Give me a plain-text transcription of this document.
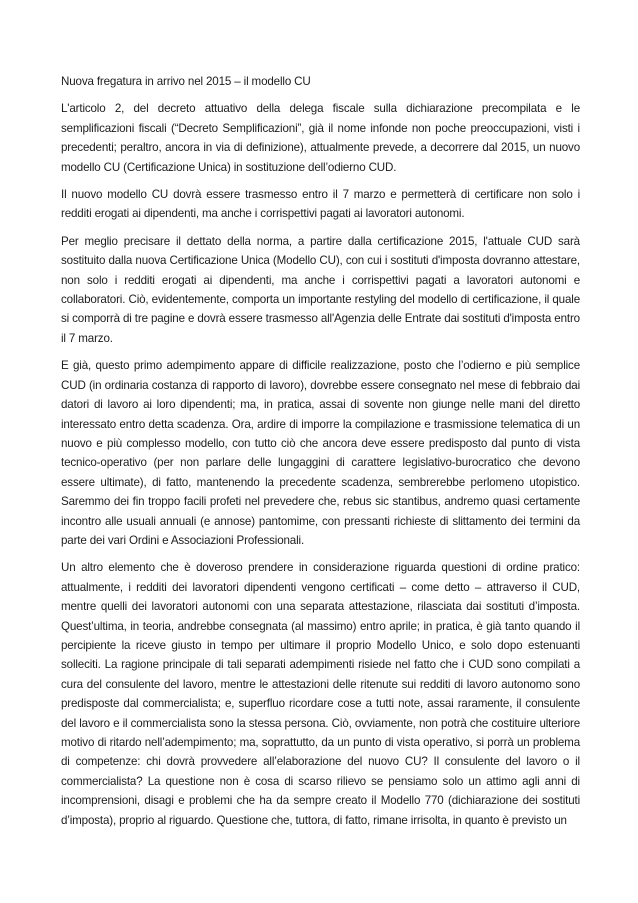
Nuova fregatura in arrivo nel 2015 – il modello CU

L'articolo 2, del decreto attuativo della delega fiscale sulla dichiarazione precompilata e le semplificazioni fiscali (“Decreto Semplificazioni”, già il nome infonde non poche preoccupazioni, visti i precedenti; peraltro, ancora in via di definizione), attualmente prevede, a decorrere dal 2015, un nuovo modello CU (Certificazione Unica) in sostituzione dell’odierno CUD.

Il nuovo modello CU dovrà essere trasmesso entro il 7 marzo e permetterà di certificare non solo i redditi erogati ai dipendenti, ma anche i corrispettivi pagati ai lavoratori autonomi.

Per meglio precisare il dettato della norma, a partire dalla certificazione 2015, l'attuale CUD sarà sostituito dalla nuova Certificazione Unica (Modello CU), con cui i sostituti d'imposta dovranno attestare, non solo i redditi erogati ai dipendenti, ma anche i corrispettivi pagati a lavoratori autonomi e collaboratori. Ciò, evidentemente, comporta un importante restyling del modello di certificazione, il quale si comporrà di tre pagine e dovrà essere trasmesso all'Agenzia delle Entrate dai sostituti d'imposta entro il 7 marzo.

E già, questo primo adempimento appare di difficile realizzazione, posto che l’odierno e più semplice CUD (in ordinaria costanza di rapporto di lavoro), dovrebbe essere consegnato nel mese di febbraio dai datori di lavoro ai loro dipendenti; ma, in pratica, assai di sovente non giunge nelle mani del diretto interessato entro detta scadenza. Ora, ardire di imporre la compilazione e trasmissione telematica di un nuovo e più complesso modello, con tutto ciò che ancora deve essere predisposto dal punto di vista tecnico-operativo (per non parlare delle lungaggini di carattere legislativo-burocratico che devono essere ultimate), di fatto, mantenendo la precedente scadenza, sembrerebbe perlomeno utopistico. Saremmo dei fin troppo facili profeti nel prevedere che, rebus sic stantibus, andremo quasi certamente incontro alle usuali annuali (e annose) pantomime, con pressanti richieste di slittamento dei termini da parte dei vari Ordini e Associazioni Professionali.

Un altro elemento che è doveroso prendere in considerazione riguarda questioni di ordine pratico: attualmente, i redditi dei lavoratori dipendenti vengono certificati – come detto – attraverso il CUD, mentre quelli dei lavoratori autonomi con una separata attestazione, rilasciata dai sostituti d’imposta. Quest’ultima, in teoria, andrebbe consegnata (al massimo) entro aprile; in pratica, è già tanto quando il percipiente la riceve giusto in tempo per ultimare il proprio Modello Unico, e solo dopo estenuanti solleciti. La ragione principale di tali separati adempimenti risiede nel fatto che i CUD sono compilati a cura del consulente del lavoro, mentre le attestazioni delle ritenute sui redditi di lavoro autonomo sono predisposte dal commercialista; e, superfluo ricordare cose a tutti note, assai raramente, il consulente del lavoro e il commercialista sono la stessa persona. Ciò, ovviamente, non potrà che costituire ulteriore motivo di ritardo nell’adempimento; ma, soprattutto, da un punto di vista operativo, si porrà un problema di competenze: chi dovrà provvedere all’elaborazione del nuovo CU? Il consulente del lavoro o il commercialista? La questione non è cosa di scarso rilievo se pensiamo solo un attimo agli anni di incomprensioni, disagi e problemi che ha da sempre creato il Modello 770 (dichiarazione dei sostituti d’imposta), proprio al riguardo. Questione che, tuttora, di fatto, rimane irrisolta, in quanto è previsto un
